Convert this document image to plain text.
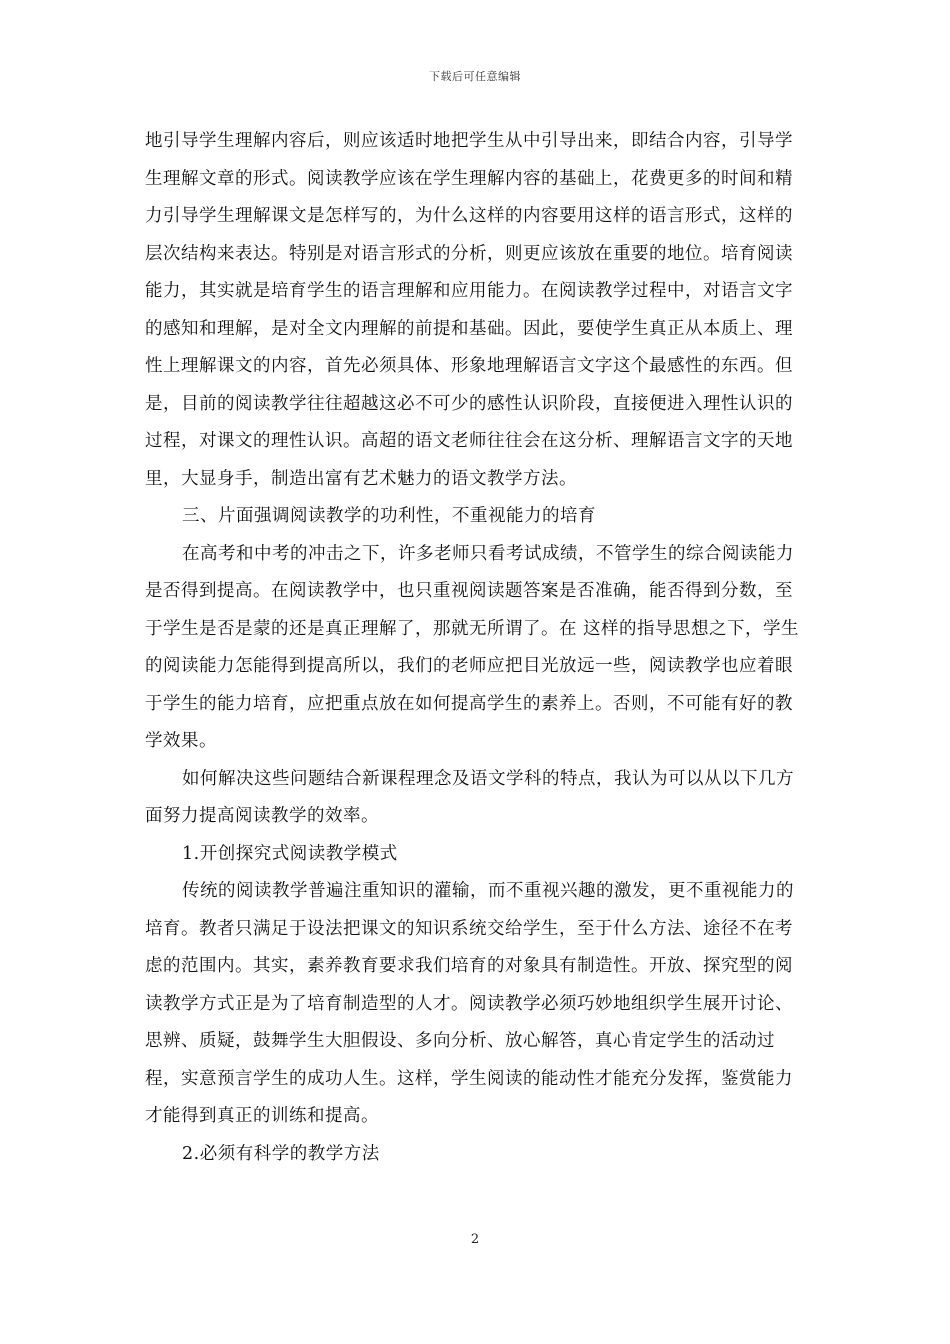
下载后可任意编辑

地引导学生理解内容后，则应该适时地把学生从中引导出来，即结合内容，引导学生理解文章的形式。阅读教学应该在学生理解内容的基础上，花费更多的时间和精力引导学生理解课文是怎样写的，为什么这样的内容要用这样的语言形式，这样的层次结构来表达。特别是对语言形式的分析，则更应该放在重要的地位。培育阅读能力，其实就是培育学生的语言理解和应用能力。在阅读教学过程中，对语言文字的感知和理解，是对全文内理解的前提和基础。因此，要使学生真正从本质上、理性上理解课文的内容，首先必须具体、形象地理解语言文字这个最感性的东西。但是，目前的阅读教学往往超越这必不可少的感性认识阶段，直接便进入理性认识的过程，对课文的理性认识。高超的语文老师往往会在这分析、理解语言文字的天地里，大显身手，制造出富有艺术魅力的语文教学方法。

三、片面强调阅读教学的功利性，不重视能力的培育

在高考和中考的冲击之下，许多老师只看考试成绩，不管学生的综合阅读能力是否得到提高。在阅读教学中，也只重视阅读题答案是否准确，能否得到分数，至于学生是否是蒙的还是真正理解了，那就无所谓了。在 这样的指导思想之下，学生的阅读能力怎能得到提高所以，我们的老师应把目光放远一些，阅读教学也应着眼于学生的能力培育，应把重点放在如何提高学生的素养上。否则，不可能有好的教学效果。

如何解决这些问题结合新课程理念及语文学科的特点，我认为可以从以下几方面努力提高阅读教学的效率。

1.开创探究式阅读教学模式

传统的阅读教学普遍注重知识的灌输，而不重视兴趣的激发，更不重视能力的培育。教者只满足于设法把课文的知识系统交给学生，至于什么方法、途径不在考虑的范围内。其实，素养教育要求我们培育的对象具有制造性。开放、探究型的阅读教学方式正是为了培育制造型的人才。阅读教学必须巧妙地组织学生展开讨论、思辨、质疑，鼓舞学生大胆假设、多向分析、放心解答，真心肯定学生的活动过程，实意预言学生的成功人生。这样，学生阅读的能动性才能充分发挥，鉴赏能力才能得到真正的训练和提高。

2.必须有科学的教学方法

2
